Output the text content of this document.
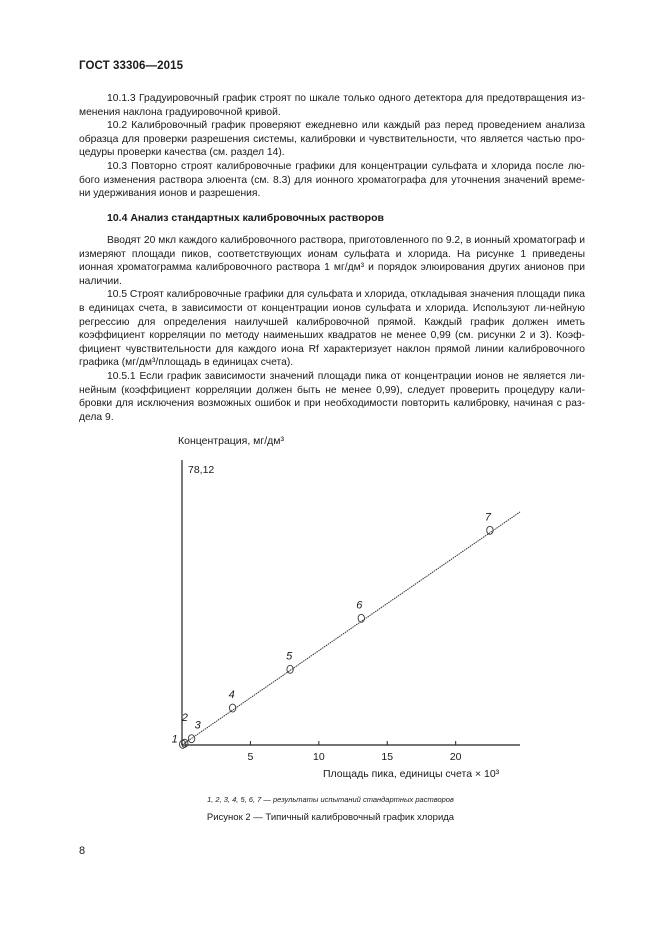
ГОСТ 33306—2015

10.1.3 Градуировочный график строят по шкале только одного детектора для предотвращения из-менения наклона градуировочной кривой.

10.2 Калибровочный график проверяют ежедневно или каждый раз перед проведением анализа образца для проверки разрешения системы, калибровки и чувствительности, что является частью про-цедуры проверки качества (см. раздел 14).

10.3 Повторно строят калибровочные графики для концентрации сульфата и хлорида после лю-бого изменения раствора элюента (см. 8.3) для ионного хроматографа для уточнения значений време-ни удерживания ионов и разрешения.

10.4 Анализ стандартных калибровочных растворов

Вводят 20 мкл каждого калибровочного раствора, приготовленного по 9.2, в ионный хроматограф и измеряют площади пиков, соответствующих ионам сульфата и хлорида. На рисунке 1 приведены ионная хроматограмма калибровочного раствора 1 мг/дм³ и порядок элюирования других анионов при наличии.

10.5 Строят калибровочные графики для сульфата и хлорида, откладывая значения площади пика в единицах счета, в зависимости от концентрации ионов сульфата и хлорида. Используют ли-нейную регрессию для определения наилучшей калибровочной прямой. Каждый график должен иметь коэффициент корреляции по методу наименьших квадратов не менее 0,99 (см. рисунки 2 и 3). Коэф-фициент чувствительности для каждого иона Rf характеризует наклон прямой линии калибровочного графика (мг/дм³/площадь в единицах счета).

10.5.1 Если график зависимости значений площади пика от концентрации ионов не является ли-нейным (коэффициент корреляции должен быть не менее 0,99), следует проверить процедуру кали-бровки для исключения возможных ошибок и при необходимости повторить калибровку, начиная с раз-дела 9.

Концентрация, мг/дм³
78,12
5	10	15	20
1
2
3
4
5
6
7
Площадь пика, единицы счета × 10³
1, 2, 3, 4, 5, 6, 7 — результаты испытаний стандартных растворов
Рисунок 2 — Типичный калибровочный график хлорида
8
